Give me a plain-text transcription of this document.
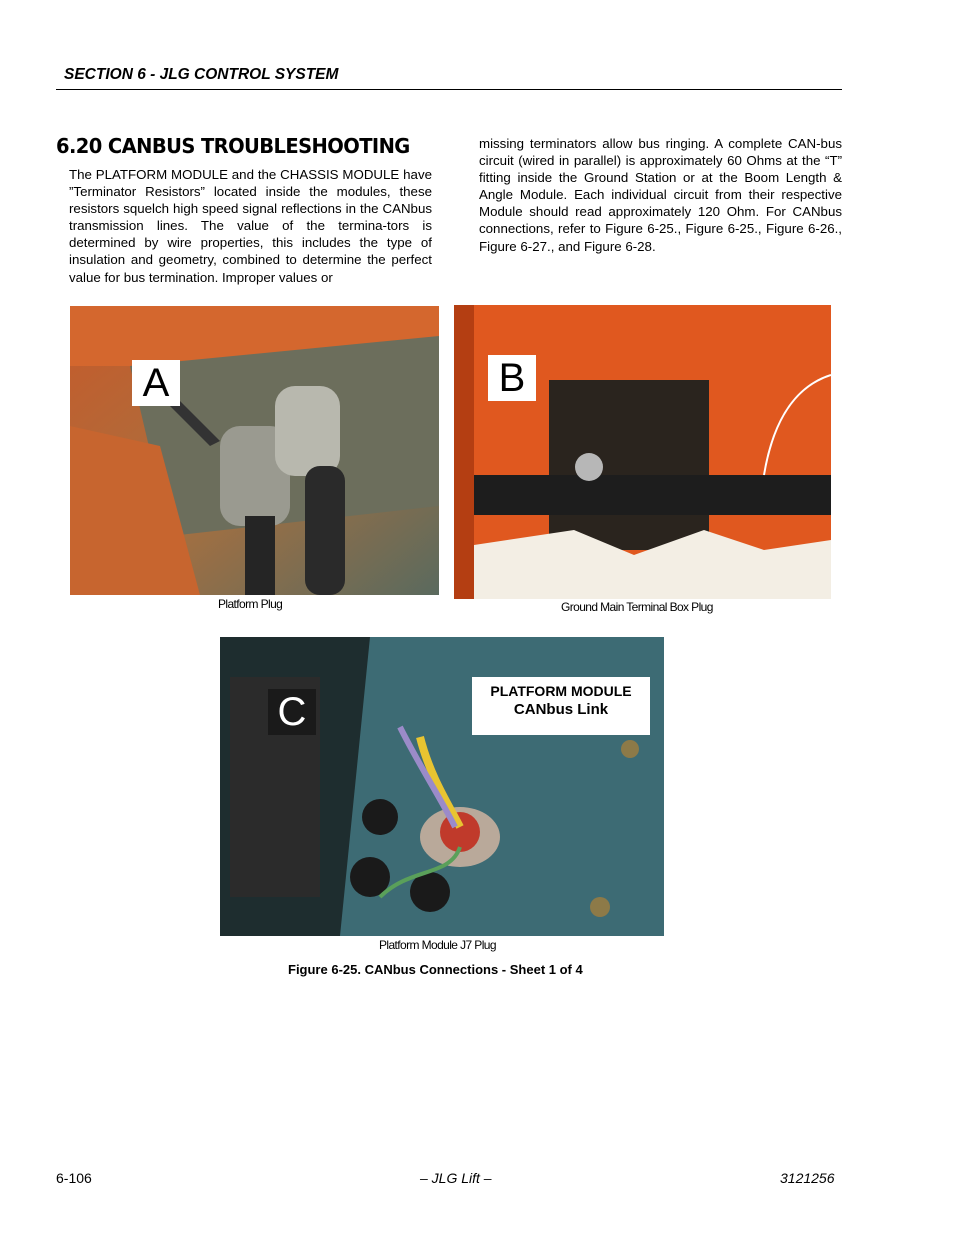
SECTION 6 - JLG CONTROL SYSTEM
6.20 CANBUS TROUBLESHOOTING
The PLATFORM MODULE and the CHASSIS MODULE have ”Terminator Resistors” located inside the modules, these resistors squelch high speed signal reflections in the CANbus transmission lines. The value of the termina-tors is determined by wire properties, this includes the type of insulation and geometry, combined to determine the perfect value for bus termination. Improper values or
missing terminators allow bus ringing. A complete CAN-bus circuit (wired in parallel) is approximately 60 Ohms at the “T” fitting inside the Ground Station or at the Boom Length & Angle Module. Each individual circuit from their respective Module should read approximately 120 Ohm. For CANbus connections, refer to Figure 6-25., Figure 6-25., Figure 6-26., Figure 6-27., and Figure 6-28.
A	B
Platform Plug	Ground Main Terminal Box Plug
C	PLATFORM MODULE
CANbus Link
Platform Module J7 Plug
Figure 6-25. CANbus Connections - Sheet 1 of 4
6-106	– JLG Lift –	3121256
